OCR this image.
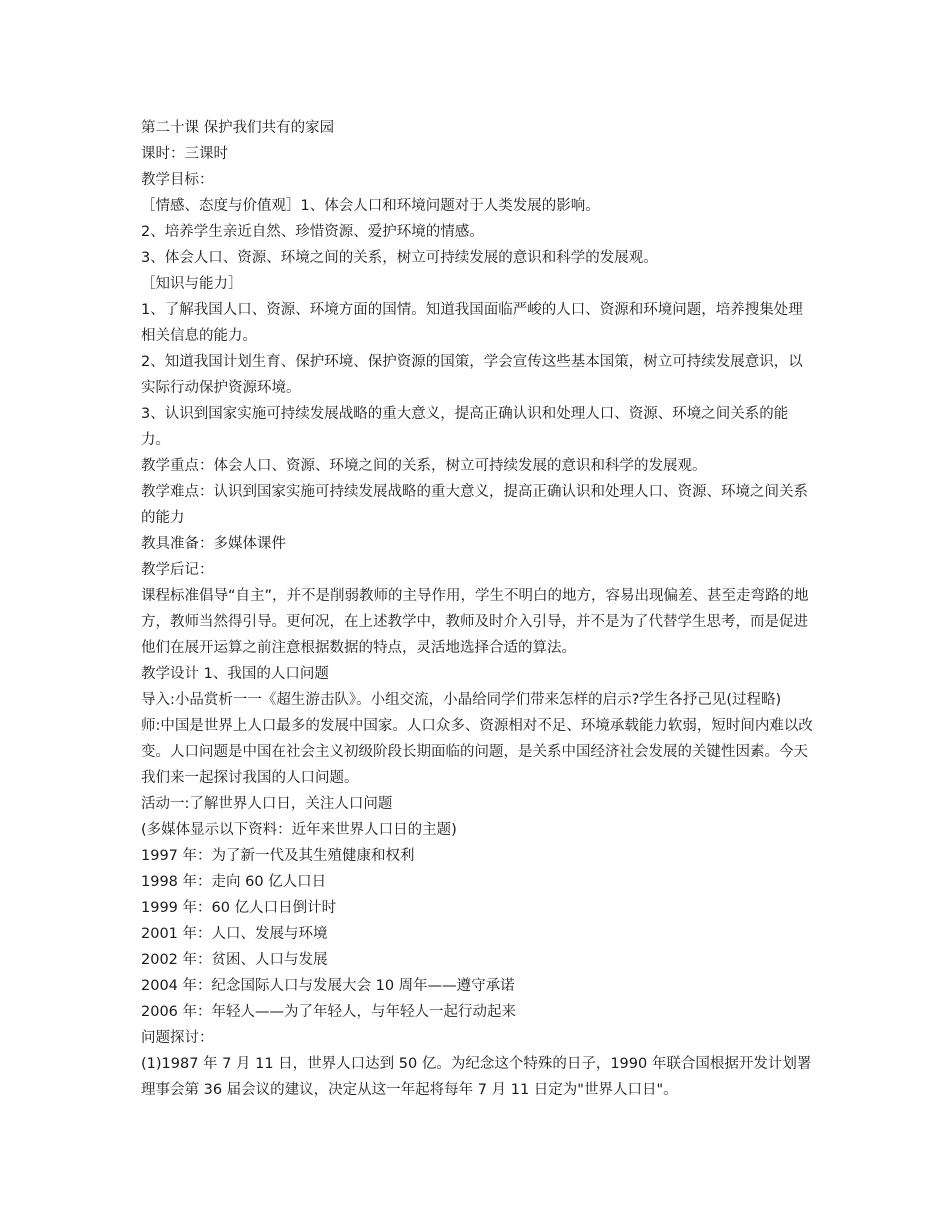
第二十课 保护我们共有的家园

课时：三课时

教学目标：

［情感、态度与价值观］1、体会人口和环境问题对于人类发展的影响。

2、培养学生亲近自然、珍惜资源、爱护环境的情感。

3、体会人口、资源、环境之间的关系，树立可持续发展的意识和科学的发展观。

［知识与能力］

1、了解我国人口、资源、环境方面的国情。知道我国面临严峻的人口、资源和环境问题，培养搜集处理相关信息的能力。

2、知道我国计划生育、保护环境、保护资源的国策，学会宣传这些基本国策，树立可持续发展意识，以实际行动保护资源环境。

3、认识到国家实施可持续发展战略的重大意义，提高正确认识和处理人口、资源、环境之间关系的能力。

教学重点：体会人口、资源、环境之间的关系，树立可持续发展的意识和科学的发展观。

教学难点：认识到国家实施可持续发展战略的重大意义，提高正确认识和处理人口、资源、环境之间关系的能力

教具准备：多媒体课件

教学后记：

课程标准倡导“自主”，并不是削弱教师的主导作用，学生不明白的地方，容易出现偏差、甚至走弯路的地方，教师当然得引导。更何况，在上述教学中，教师及时介入引导，并不是为了代替学生思考，而是促进他们在展开运算之前注意根据数据的特点，灵活地选择合适的算法。

教学设计 1、我国的人口问题

导入:小品赏析一一《超生游击队》。小组交流，小晶给同学们带来怎样的启示?学生各抒己见(过程略)

师:中国是世界上人口最多的发展中国家。人口众多、资源相对不足、环境承载能力软弱，短时间内难以改变。人口问题是中国在社会主义初级阶段长期面临的问题，是关系中国经济社会发展的关键性因素。今天我们来一起探讨我国的人口问题。

活动一:了解世界人口日，关注人口问题

(多媒体显示以下资料：近年来世界人口日的主题)

1997 年：为了新一代及其生殖健康和权利

1998 年：走向 60 亿人口日

1999 年：60 亿人口日倒计时

2001 年：人口、发展与环境

2002 年：贫困、人口与发展

2004 年：纪念国际人口与发展大会 10 周年——遵守承诺

2006 年：年轻人——为了年轻人，与年轻人一起行动起来

问题探讨：

(1)1987 年 7 月 11 日，世界人口达到 50 亿。为纪念这个特殊的日子，1990 年联合国根据开发计划署理事会第 36 届会议的建议，决定从这一年起将每年 7 月 11 日定为"世界人口日"。
